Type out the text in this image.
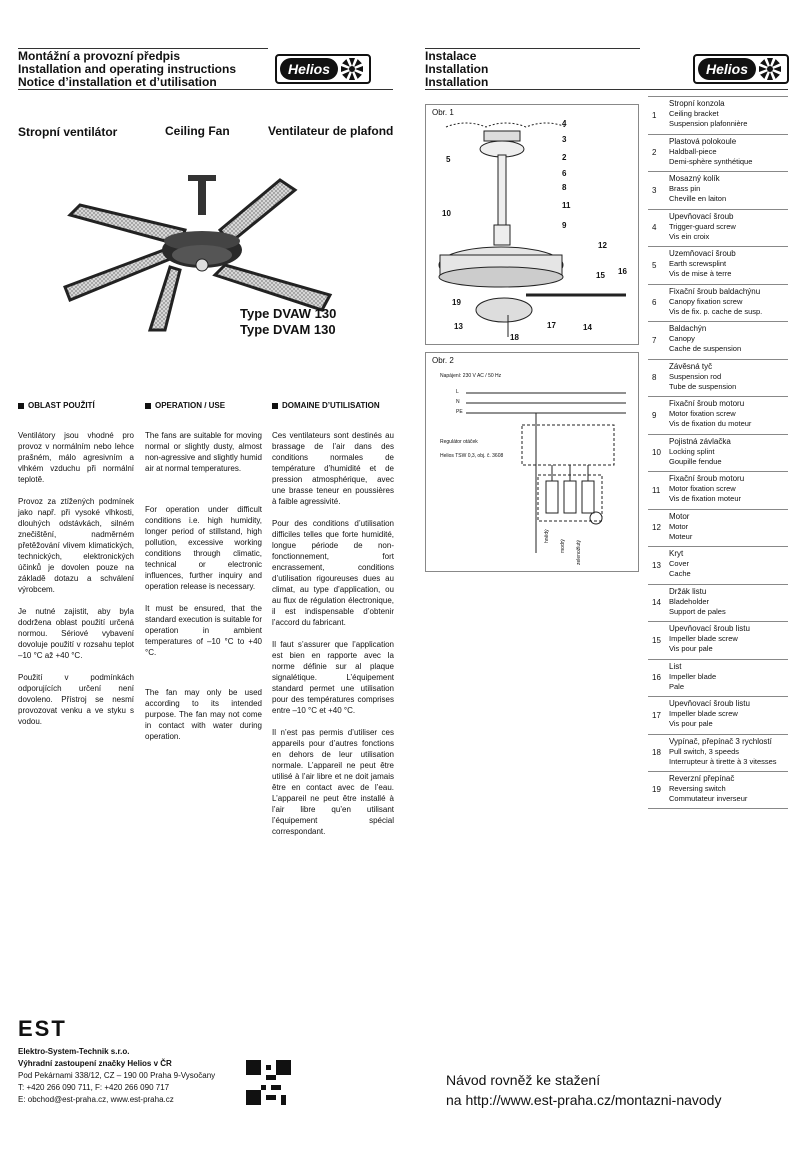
Montážní a provozní předpis
Installation and operating instructions
Notice d’installation et d’utilisation
Helios
Instalace
Installation
Installation
Helios
Stropní ventilátor	Ceiling Fan	Ventilateur de plafond
Type DVAW 130
Type DVAM 130
OBLAST POUŽITÍ	OPERATION / USE	DOMAINE D’UTILISATION

Ventilátory jsou vhodné pro provoz v normálním nebo lehce prašném, málo agresivním a vlhkém vzduchu při normální teplotě.

Provoz za ztížených podmínek jako např. při vysoké vlhkosti, dlouhých odstávkách, silném znečištění, nadměrném přetěžování vlivem klimatických, technických, elektronických účinků je dovolen pouze na základě dotazu a schválení výrobcem.

Je nutné zajistit, aby byla dodržena oblast použití určená normou. Sériové vybavení dovoluje použití v rozsahu teplot –10 °C až +40 °C.

Použití v podmínkách odporujících určení není dovoleno. Přístroj se nesmí provozovat venku a ve styku s vodou.

The fans are suitable for moving normal or slightly dusty, almost non-agressive and slightly humid air at normal temperatures.

For operation under difficult conditions i.e. high humidity, longer period of stillstand, high pollution, excessive working conditions through climatic, technical or electronic influences, further inquiry and operation release is necessary.

It must be ensured, that the standard execution is suitable for operation in ambient temperatures of –10 °C to +40 °C.

The fan may only be used according to its intended purpose. The fan may not come in contact with water during operation.

Ces ventilateurs sont destinés au brassage de l’air dans des conditions normales de température d’humidité et de pression atmosphérique, avec une brasse teneur en poussières à faible agressivité.

Pour des conditions d’utilisation difficiles telles que forte humidité, longue période de non-fonctionnement, fort encrassement, conditions d’utilisation rigoureuses dues au climat, au type d’application, ou au flux de régulation électronique, il est indispensable d’obtenir l’accord du fabricant.

Il faut s’assurer que l’application est bien en rapporte avec la norme définie sur al plaque signalétique. L’équipement standard permet une utilisation pour des températures comprises entre –10 °C et +40 °C.

Il n’est pas permis d’utiliser ces appareils pour d’autres fonctions en dehors de leur utilisation normale. L’appareil ne peut être utilisé à l’air libre et ne doit jamais être en contact avec de l’eau. L’appareil ne peut être installé à l’air libre qu’en utilisant l’équipement spécial correspondant.

Obr. 1
4
3
2
6
8
5
11
9
10
12
15 16
19
13	17	14
18
Obr. 2
Napájení: 230 V AC / 50 Hz
L
N
PE
Regulátor otáček
Helios TSW 0,3, obj. č. 3608
hnědý
modrý zelenožlutý
1
Stropní konzola
Ceiling bracket
Suspension plafonnière
2
Plastová polokoule
Haldball-piece
Demi-sphère synthétique
3
Mosazný kolík
Brass pin
Cheville en laiton
4
Upevňovací šroub
Trigger-guard screw
Vis ein croix
5
Uzemňovací šroub
Earth screwsplint
Vis de mise à terre
6
Fixační šroub baldachýnu
Canopy fixation screw
Vis de fix. p. cache de susp.
7
Baldachýn
Canopy
Cache de suspension
8
Závěsná tyč
Suspension rod
Tube de suspension
9
Fixační šroub motoru
Motor fixation screw
Vis de fixation du moteur
10
Pojistná závlačka
Locking splint
Goupille fendue
11
Fixační šroub motoru
Motor fixation screw
Vis de fixation moteur
12
Motor
Motor
Moteur
13
Kryt
Cover
Cache
14
Držák listu
Bladeholder
Support de pales
15
Upevňovací šroub listu
Impeller blade screw
Vis pour pale
16
List
Impeller blade
Pale
17
Upevňovací šroub listu
Impeller blade screw
Vis pour pale
18
Vypínač, přepínač 3 rychlostí
Pull switch, 3 speeds
Interrupteur à tirette à 3 vitesses
19
Reverzní přepínač
Reversing switch
Commutateur inverseur
EST
Elektro-System-Technik s.r.o.
Výhradní zastoupení značky Helios v ČR
Pod Pekárnami 338/12, CZ – 190 00 Praha 9-Vysočany
T: +420 266 090 711, F: +420 266 090 717
E: obchod@est-praha.cz, www.est-praha.cz
Návod rovněž ke stažení
na http://www.est-praha.cz/montazni-navody
